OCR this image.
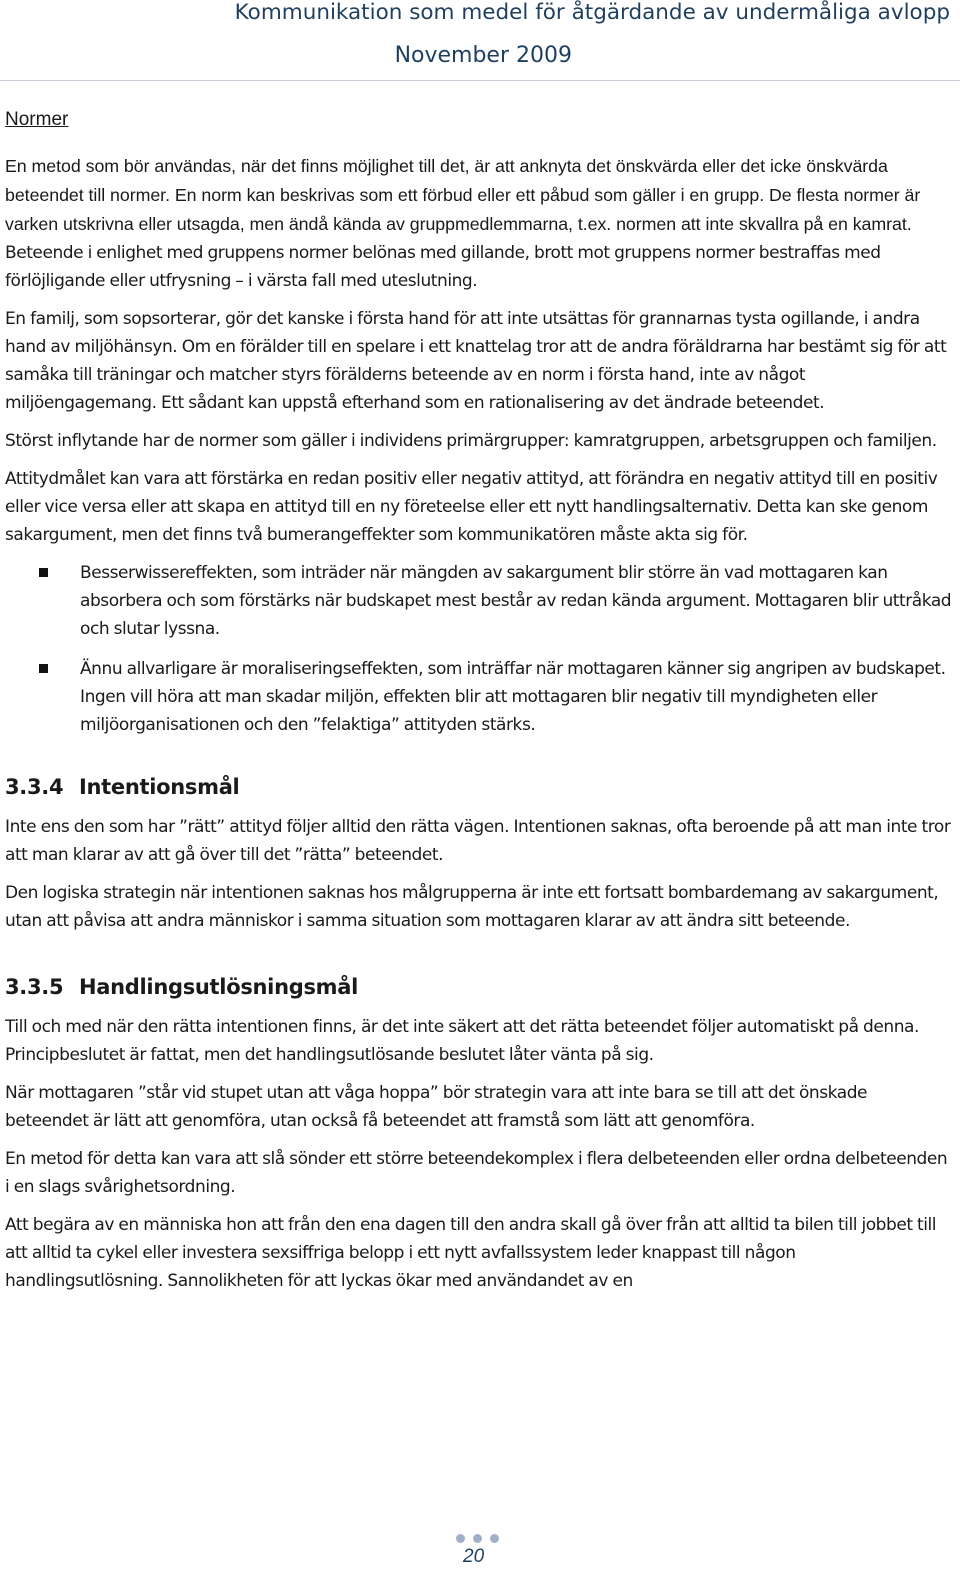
Kommunikation som medel för åtgärdande av undermåliga avlopp
November 2009
Normer

En metod som bör användas, när det finns möjlighet till det, är att anknyta det önskvärda eller det icke önskvärda beteendet till normer. En norm kan beskrivas som ett förbud eller ett påbud som gäller i en grupp. De flesta normer är varken utskrivna eller utsagda, men ändå kända av gruppmedlemmarna, t.ex. normen att inte skvallra på en kamrat. Beteende i enlighet med gruppens normer belönas med gillande, brott mot gruppens normer bestraffas med förlöjligande eller utfrysning – i värsta fall med uteslutning.

En familj, som sopsorterar, gör det kanske i första hand för att inte utsättas för grannarnas tysta ogillande, i andra hand av miljöhänsyn. Om en förälder till en spelare i ett knattelag tror att de andra föräldrarna har bestämt sig för att samåka till träningar och matcher styrs förälderns beteende av en norm i första hand, inte av något miljöengagemang. Ett sådant kan uppstå efterhand som en rationalisering av det ändrade beteendet.

Störst inflytande har de normer som gäller i individens primärgrupper: kamratgruppen, arbetsgruppen och familjen.

Attitydmålet kan vara att förstärka en redan positiv eller negativ attityd, att förändra en negativ attityd till en positiv eller vice versa eller att skapa en attityd till en ny företeelse eller ett nytt handlingsalternativ. Detta kan ske genom sakargument, men det finns två bumerangeffekter som kommunikatören måste akta sig för.

Besserwissereffekten, som inträder när mängden av sakargument blir större än vad mottagaren kan absorbera och som förstärks när budskapet mest består av redan kända argument. Mottagaren blir uttråkad och slutar lyssna.
Ännu allvarligare är moraliseringseffekten, som inträffar när mottagaren känner sig angripen av budskapet. Ingen vill höra att man skadar miljön, effekten blir att mottagaren blir negativ till myndigheten eller miljöorganisationen och den ”felaktiga” attityden stärks.
3.3.4 Intentionsmål

Inte ens den som har ”rätt” attityd följer alltid den rätta vägen. Intentionen saknas, ofta beroende på att man inte tror att man klarar av att gå över till det ”rätta” beteendet.

Den logiska strategin när intentionen saknas hos målgrupperna är inte ett fortsatt bombardemang av sakargument, utan att påvisa att andra människor i samma situation som mottagaren klarar av att ändra sitt beteende.

3.3.5 Handlingsutlösningsmål

Till och med när den rätta intentionen finns, är det inte säkert att det rätta beteendet följer automatiskt på denna. Principbeslutet är fattat, men det handlingsutlösande beslutet låter vänta på sig.

När mottagaren ”står vid stupet utan att våga hoppa” bör strategin vara att inte bara se till att det önskade beteendet är lätt att genomföra, utan också få beteendet att framstå som lätt att genomföra.

En metod för detta kan vara att slå sönder ett större beteendekomplex i flera delbeteenden eller ordna delbeteenden i en slags svårighetsordning.

Att begära av en människa hon att från den ena dagen till den andra skall gå över från att alltid ta bilen till jobbet till att alltid ta cykel eller investera sexsiffriga belopp i ett nytt avfallssystem leder knappast till någon handlingsutlösning. Sannolikheten för att lyckas ökar med användandet av en

20
